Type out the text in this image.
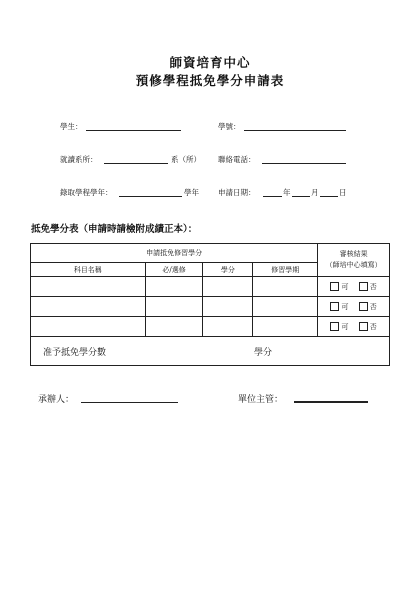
師資培育中心
預修學程抵免學分申請表
學生：	學號：
就讀系所：	系（所） 聯絡電話：
錄取學程學年：	學年	申請日期：	年	月	日
抵免學分表（申請時請檢附成績正本）：
申請抵免修習學分				審核結果
（師培中心填寫）
科目名稱	必/選修	學分	修習學期	
				可 否
				可 否
				可 否

准予抵免學分數 學分				
承辦人：	單位主管：
